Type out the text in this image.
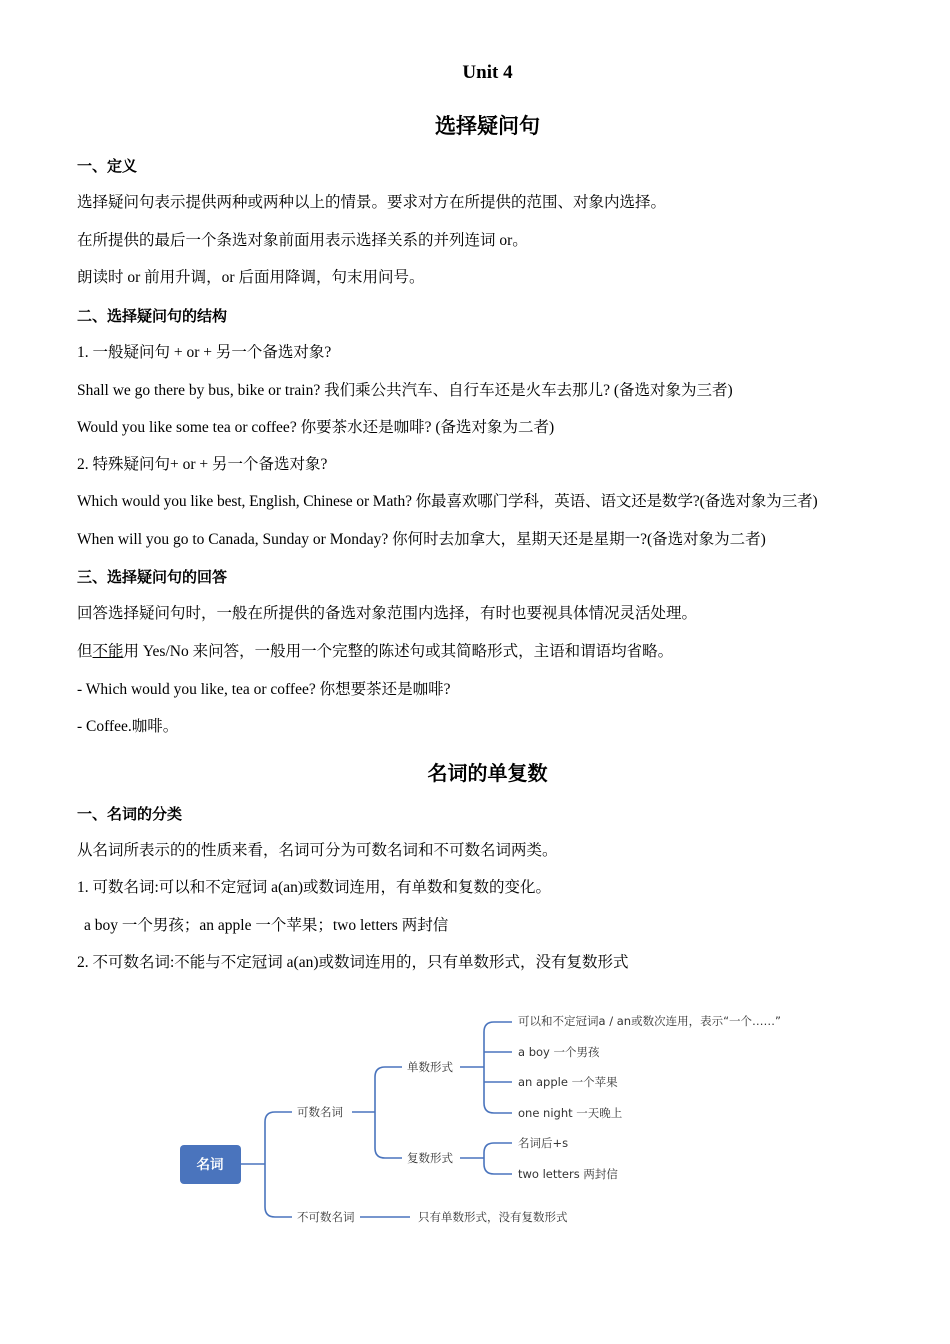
Unit 4
选择疑问句
一、定义
选择疑问句表示提供两种或两种以上的情景。要求对方在所提供的范围、对象内选择。
在所提供的最后一个条选对象前面用表示选择关系的并列连词 or。
朗读时 or 前用升调，or 后面用降调，句末用问号。
二、选择疑问句的结构
1. 一般疑问句 + or + 另一个备选对象?
Shall we go there by bus, bike or train? 我们乘公共汽车、自行车还是火车去那儿? (备选对象为三者)
Would you like some tea or coffee? 你要茶水还是咖啡? (备选对象为二者)
2. 特殊疑问句+ or + 另一个备选对象?
Which would you like best, English, Chinese or Math? 你最喜欢哪门学科，英语、语文还是数学?(备选对象为三者)
When will you go to Canada, Sunday or Monday? 你何时去加拿大，星期天还是星期一?(备选对象为二者)
三、选择疑问句的回答
回答选择疑问句时，一般在所提供的备选对象范围内选择，有时也要视具体情况灵活处理。
但不能用 Yes/No 来问答，一般用一个完整的陈述句或其简略形式，主语和谓语均省略。
- Which would you like, tea or coffee? 你想要茶还是咖啡?
- Coffee.咖啡。
名词的单复数
一、名词的分类
从名词所表示的的性质来看，名词可分为可数名词和不可数名词两类。
1. 可数名词:可以和不定冠词 a(an)或数词连用，有单数和复数的变化。
a boy 一个男孩；an apple 一个苹果；two letters 两封信
2. 不可数名词:不能与不定冠词 a(an)或数词连用的，只有单数形式，没有复数形式
名词
可数名词
不可数名词
单数形式
复数形式
可以和不定冠词a / an或数次连用，表示“一个……”
a boy 一个男孩
an apple 一个苹果
one night 一天晚上
名词后+s
two letters 两封信
只有单数形式，没有复数形式
